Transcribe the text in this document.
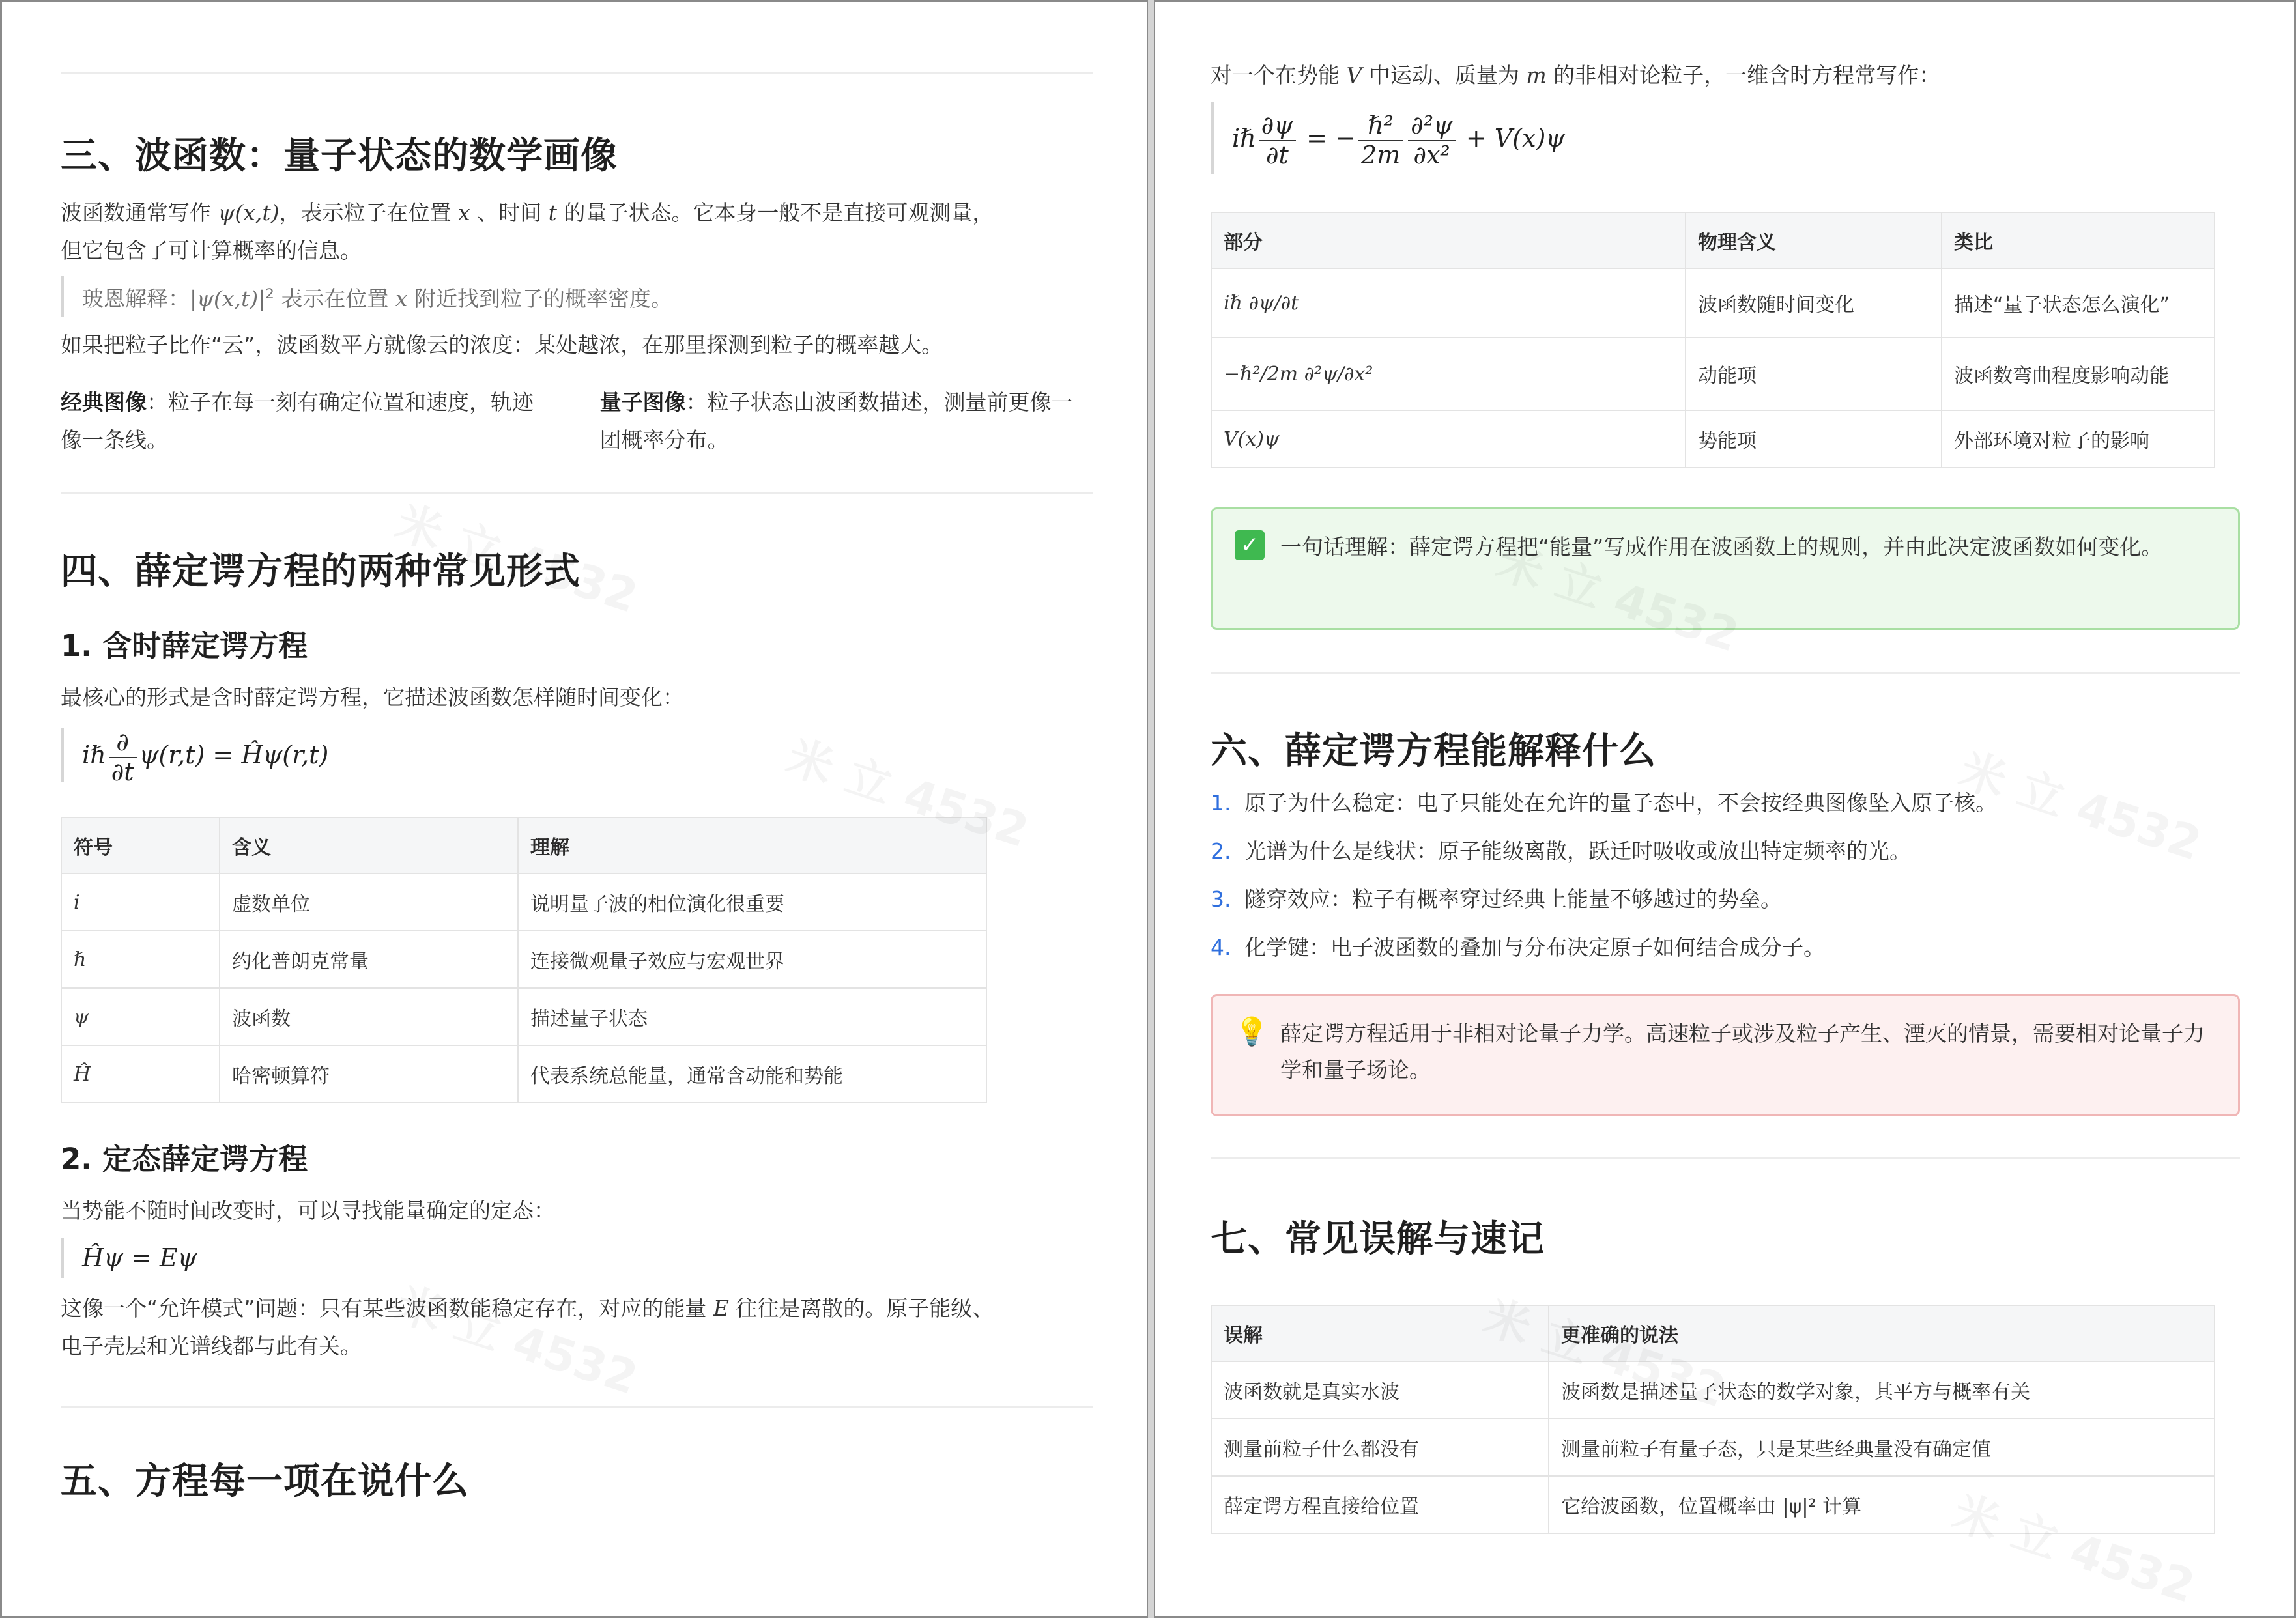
三、波函数：量子状态的数学画像

波函数通常写作 ψ(x,t)，表示粒子在位置 x 、时间 t 的量子状态。它本身一般不是直接可观测量，
但它包含了可计算概率的信息。

玻恩解释：$|\psi(x,t)|^2$ 表示在位置 x 附近找到粒子的概率密度。

如果把粒子比作“云”，波函数平方就像云的浓度：某处越浓，在那里探测到粒子的概率越大。

经典图像：粒子在每一刻有确定位置和速度，轨迹像一条线。

量子图像：粒子状态由波函数描述，测量前更像一团概率分布。

四、薛定谔方程的两种常见形式
1. 含时薛定谔方程

最核心的形式是含时薛定谔方程，它描述波函数怎样随时间变化：

iℏ $\frac{\partial}{\partial t} \psi(r,t)$ = Ĥψ(r,t)
符号	含义	理解
i	虚数单位	说明量子波的相位演化很重要
ℏ	约化普朗克常量	连接微观量子效应与宏观世界
ψ	波函数	描述量子状态
Ĥ	哈密顿算符	代表系统总能量，通常含动能和势能
2. 定态薛定谔方程

当势能不随时间改变时，可以寻找能量确定的定态：

Ĥψ = Eψ

这像一个“允许模式”问题：只有某些波函数能稳定存在，对应的能量 E 往往是离散的。原子能级、
电子壳层和光谱线都与此有关。

五、方程每一项在说什么

对一个在势能 V 中运动、质量为 m 的非相对论粒子，一维含时方程常写作：

iℏ $\frac{\partial\psi}{\partial t}$ = − $\frac{\text{ℏ²}}{2m} \frac{\text{∂²ψ}}{\text{∂x²}} + V(x)\psi$
部分	物理含义	类比
iℏ ∂ψ/∂t	波函数随时间变化	描述“量子状态怎么演化”
−ℏ²/2m ∂²ψ/∂x²	动能项	波函数弯曲程度影响动能
V(x)ψ	势能项	外部环境对粒子的影响
✓ 一句话理解：薛定谔方程把“能量”写成作用在波函数上的规则，并由此决定波函数如何变化。
六、薛定谔方程能解释什么
1. 原子为什么稳定：电子只能处在允许的量子态中，不会按经典图像坠入原子核。
2. 光谱为什么是线状：原子能级离散，跃迁时吸收或放出特定频率的光。
3. 隧穿效应：粒子有概率穿过经典上能量不够越过的势垒。
4. 化学键：电子波函数的叠加与分布决定原子如何结合成分子。
💡 薛定谔方程适用于非相对论量子力学。高速粒子或涉及粒子产生、湮灭的情景，需要相对论量子力学和量子场论。
七、常见误解与速记
误解	更准确的说法
波函数就是真实水波	波函数是描述量子状态的数学对象，其平方与概率有关
测量前粒子什么都没有	测量前粒子有量子态，只是某些经典量没有确定值
薛定谔方程直接给位置	它给波函数，位置概率由 |ψ|² 计算
